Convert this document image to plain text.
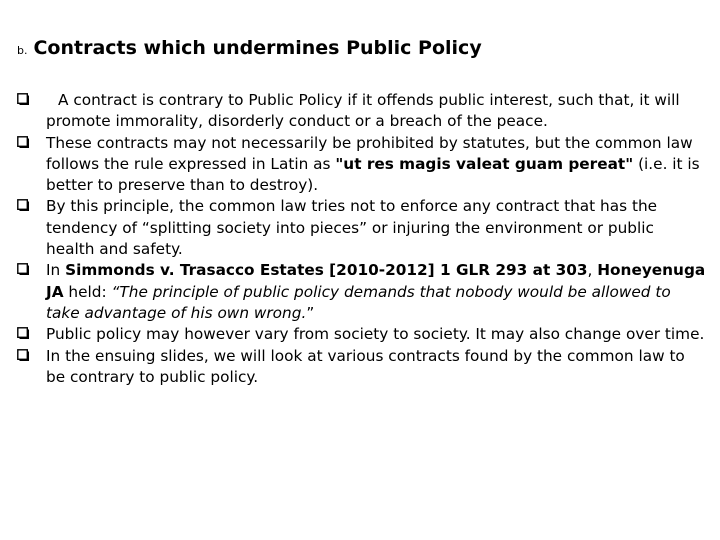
b. Contracts which undermines Public Policy
A contract is contrary to Public Policy if it offends public interest, such that, it will promote immorality, disorderly conduct or a breach of the peace.
These contracts may not necessarily be prohibited by statutes, but the common law follows the rule expressed in Latin as "ut res magis valeat guam pereat" (i.e. it is better to preserve than to destroy).
By this principle, the common law tries not to enforce any contract that has the tendency of “splitting society into pieces” or injuring the environment or public health and safety.
In Simmonds v. Trasacco Estates [2010-2012] 1 GLR 293 at 303, Honeyenuga JA held: “The principle of public policy demands that nobody would be allowed to take advantage of his own wrong.”
Public policy may however vary from society to society. It may also change over time.
In the ensuing slides, we will look at various contracts found by the common law to be contrary to public policy.
